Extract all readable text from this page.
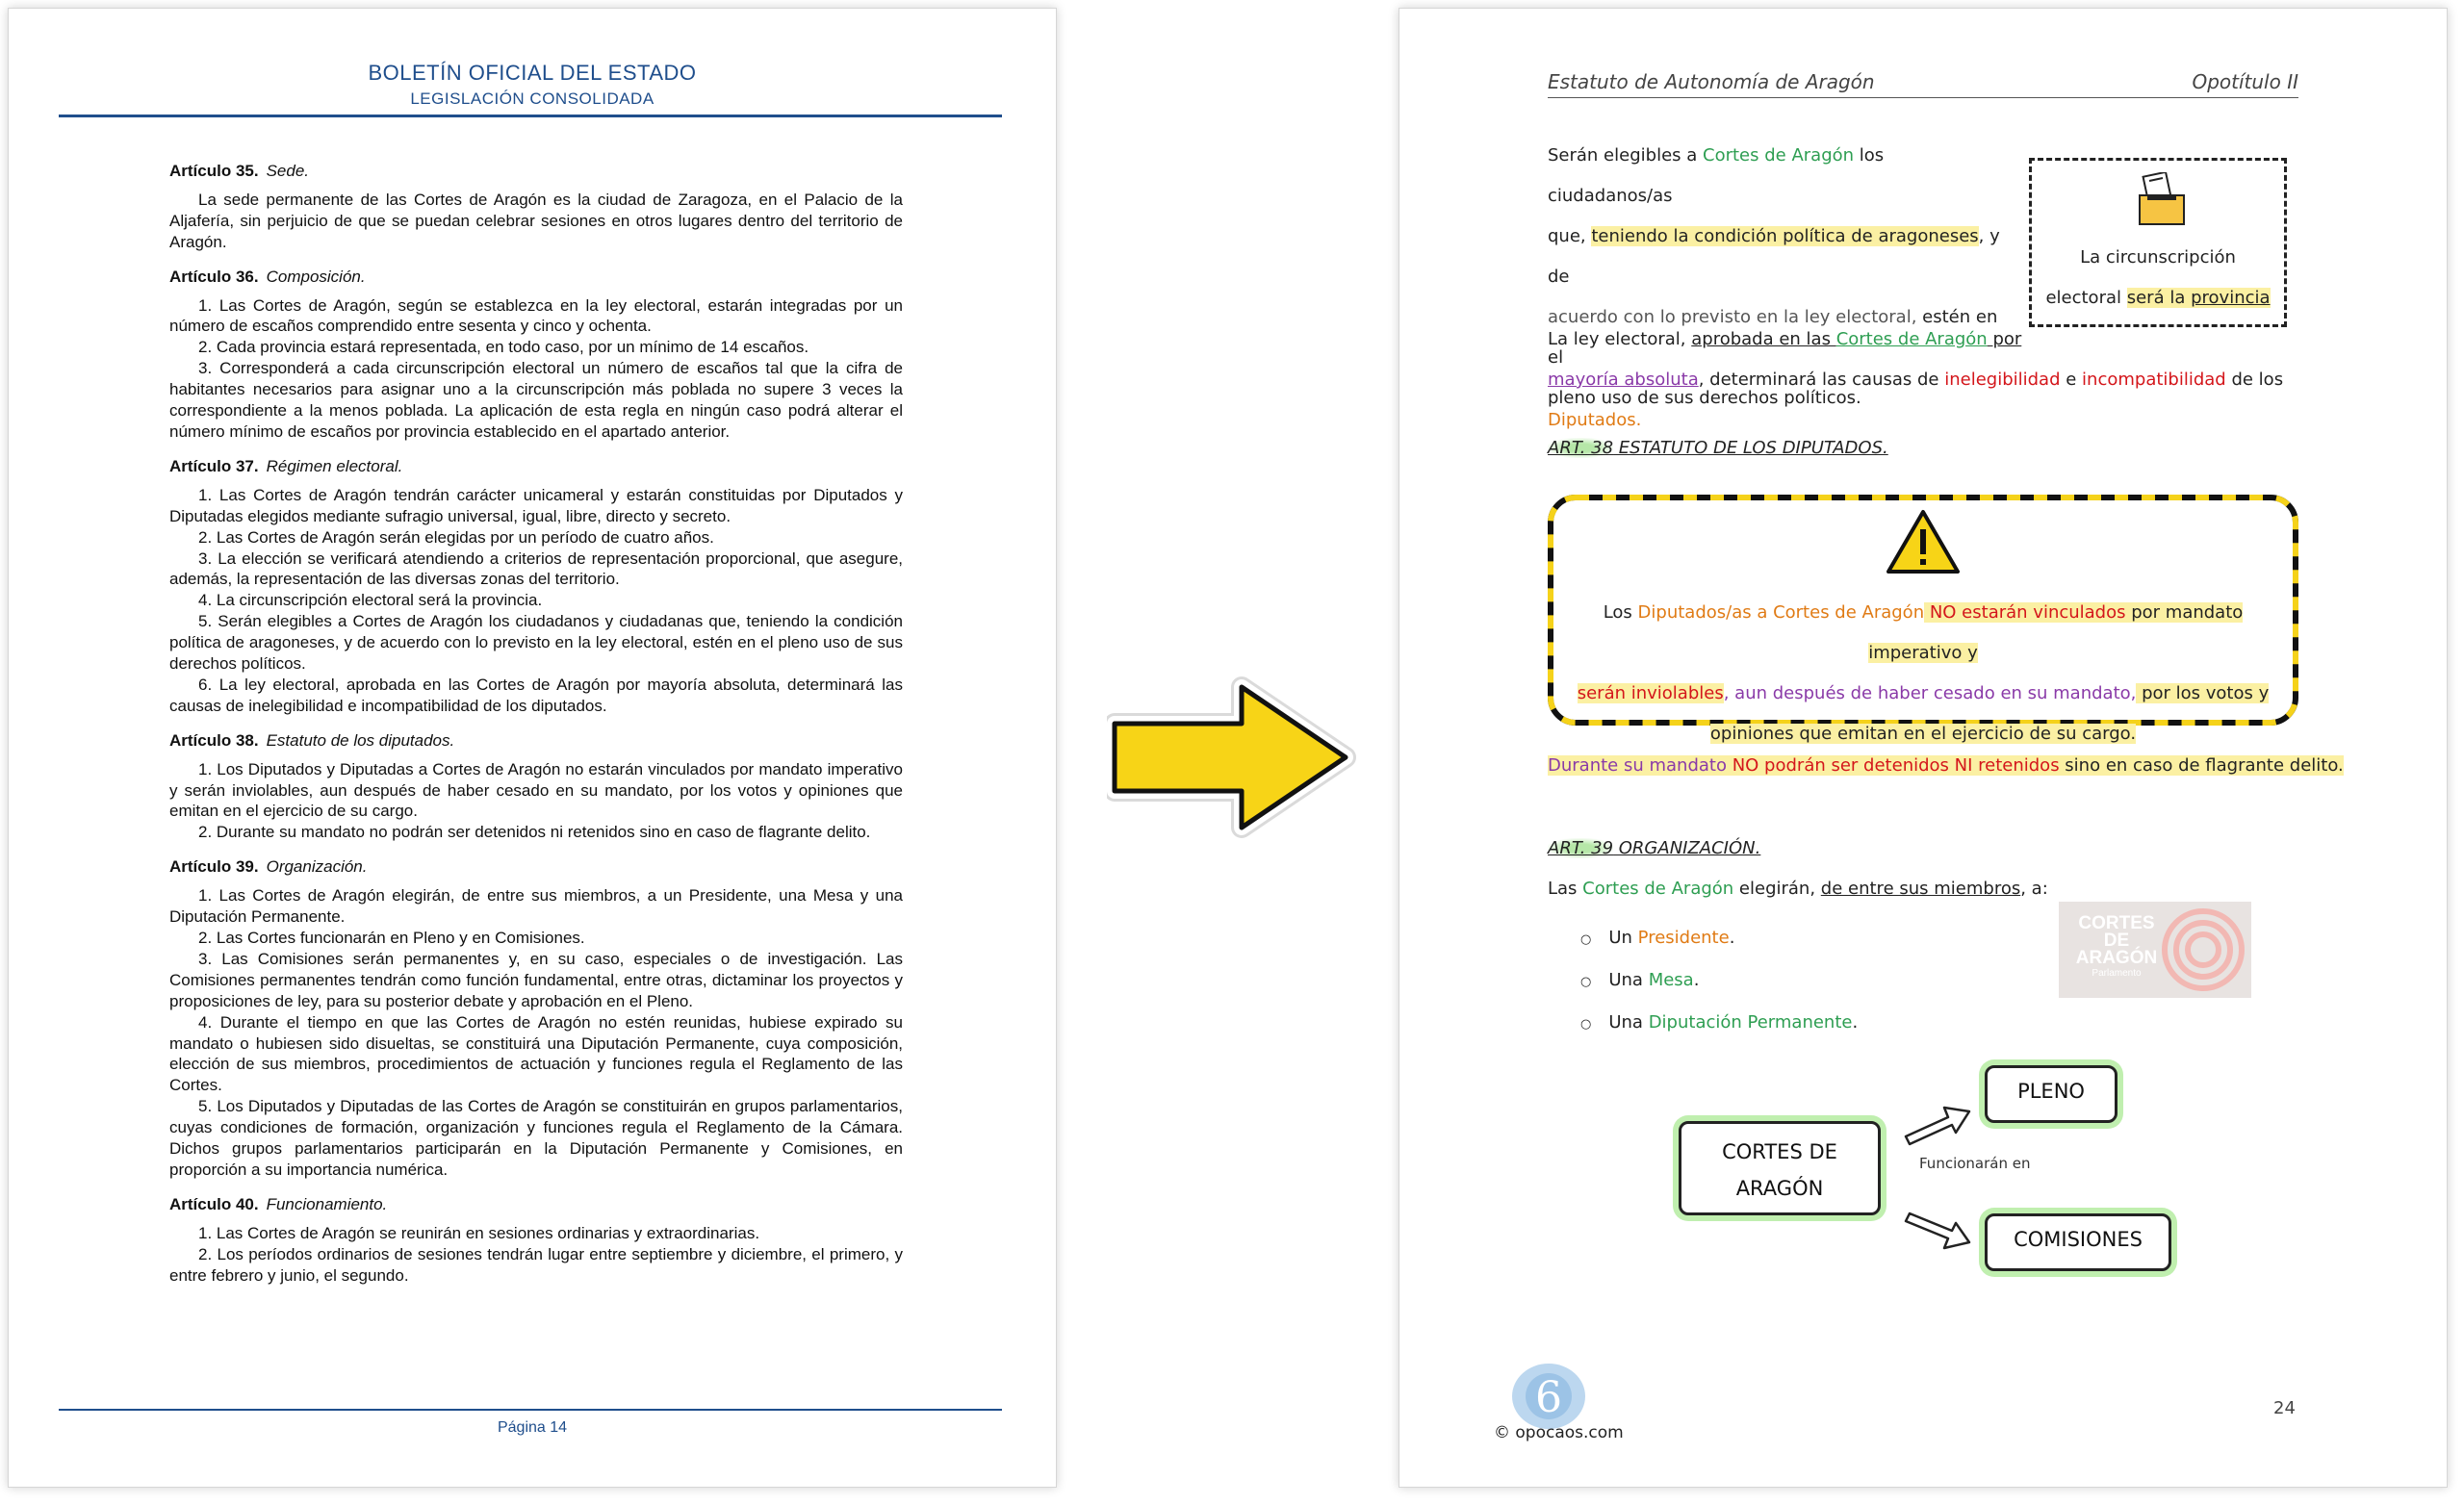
BOLETÍN OFICIAL DEL ESTADO
LEGISLACIÓN CONSOLIDADA
Artículo 35. Sede.

La sede permanente de las Cortes de Aragón es la ciudad de Zaragoza, en el Palacio de la Aljafería, sin perjuicio de que se puedan celebrar sesiones en otros lugares dentro del territorio de Aragón.

Artículo 36. Composición.

1. Las Cortes de Aragón, según se establezca en la ley electoral, estarán integradas por un número de escaños comprendido entre sesenta y cinco y ochenta.

2. Cada provincia estará representada, en todo caso, por un mínimo de 14 escaños.

3. Corresponderá a cada circunscripción electoral un número de escaños tal que la cifra de habitantes necesarios para asignar uno a la circunscripción más poblada no supere 3 veces la correspondiente a la menos poblada. La aplicación de esta regla en ningún caso podrá alterar el número mínimo de escaños por provincia establecido en el apartado anterior.

Artículo 37. Régimen electoral.

1. Las Cortes de Aragón tendrán carácter unicameral y estarán constituidas por Diputados y Diputadas elegidos mediante sufragio universal, igual, libre, directo y secreto.

2. Las Cortes de Aragón serán elegidas por un período de cuatro años.

3. La elección se verificará atendiendo a criterios de representación proporcional, que asegure, además, la representación de las diversas zonas del territorio.

4. La circunscripción electoral será la provincia.

5. Serán elegibles a Cortes de Aragón los ciudadanos y ciudadanas que, teniendo la condición política de aragoneses, y de acuerdo con lo previsto en la ley electoral, estén en el pleno uso de sus derechos políticos.

6. La ley electoral, aprobada en las Cortes de Aragón por mayoría absoluta, determinará las causas de inelegibilidad e incompatibilidad de los diputados.

Artículo 38. Estatuto de los diputados.

1. Los Diputados y Diputadas a Cortes de Aragón no estarán vinculados por mandato imperativo y serán inviolables, aun después de haber cesado en su mandato, por los votos y opiniones que emitan en el ejercicio de su cargo.

2. Durante su mandato no podrán ser detenidos ni retenidos sino en caso de flagrante delito.

Artículo 39. Organización.

1. Las Cortes de Aragón elegirán, de entre sus miembros, a un Presidente, una Mesa y una Diputación Permanente.

2. Las Cortes funcionarán en Pleno y en Comisiones.

3. Las Comisiones serán permanentes y, en su caso, especiales o de investigación. Las Comisiones permanentes tendrán como función fundamental, entre otras, dictaminar los proyectos y proposiciones de ley, para su posterior debate y aprobación en el Pleno.

4. Durante el tiempo en que las Cortes de Aragón no estén reunidas, hubiese expirado su mandato o hubiesen sido disueltas, se constituirá una Diputación Permanente, cuya composición, elección de sus miembros, procedimientos de actuación y funciones regula el Reglamento de las Cortes.

5. Los Diputados y Diputadas de las Cortes de Aragón se constituirán en grupos parlamentarios, cuyas condiciones de formación, organización y funciones regula el Reglamento de la Cámara. Dichos grupos parlamentarios participarán en la Diputación Permanente y Comisiones, en proporción a su importancia numérica.

Artículo 40. Funcionamiento.

1. Las Cortes de Aragón se reunirán en sesiones ordinarias y extraordinarias.

2. Los períodos ordinarios de sesiones tendrán lugar entre septiembre y diciembre, el primero, y entre febrero y junio, el segundo.

Página 14
Estatuto de Autonomía de Aragón	Opotítulo II
Serán elegibles a Cortes de Aragón los ciudadanos/as
que, teniendo la condición política de aragoneses, y de
acuerdo con lo previsto en la ley electoral, estén en el
pleno uso de sus derechos políticos.
La circunscripción
electoral será la provincia
La ley electoral, aprobada en las Cortes de Aragón por
mayoría absoluta, determinará las causas de inelegibilidad e incompatibilidad de los Diputados.
ART. 38 ESTATUTO DE LOS DIPUTADOS.
Los Diputados/as a Cortes de Aragón NO estarán vinculados por mandato imperativo y
serán inviolables, aun después de haber cesado en su mandato, por los votos y
opiniones que emitan en el ejercicio de su cargo.
Durante su mandato NO podrán ser detenidos NI retenidos sino en caso de flagrante delito.
ART. 39 ORGANIZACIÓN.
Las Cortes de Aragón elegirán, de entre sus miembros, a:
○ Un Presidente.
○ Una Mesa.
○ Una Diputación Permanente.
CORTES
DE
ARAGÓN
Parlamento
CORTES DE
ARAGÓN
Funcionarán en
PLENO
COMISIONES
6
© opocaos.com
24
